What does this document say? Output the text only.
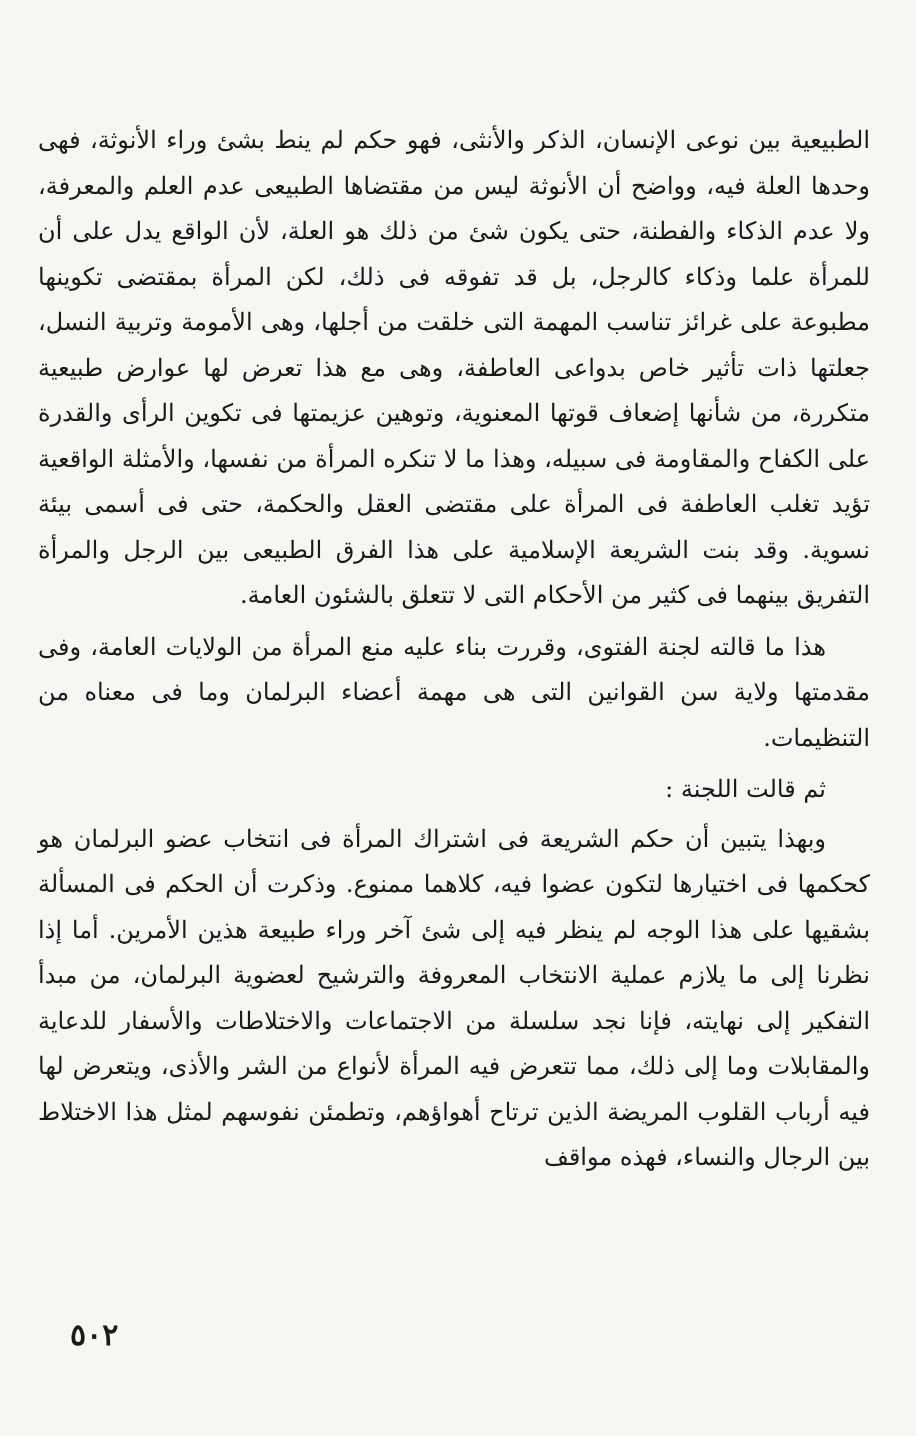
الطبيعية بين نوعى الإنسان، الذكر والأنثى، فهو حكم لم ينط بشئ وراء الأنوثة، فهى وحدها العلة فيه، وواضح أن الأنوثة ليس من مقتضاها الطبيعى عدم العلم والمعرفة، ولا عدم الذكاء والفطنة، حتى يكون شئ من ذلك هو العلة، لأن الواقع يدل على أن للمرأة علما وذكاء كالرجل، بل قد تفوقه فى ذلك، لكن المرأة بمقتضى تكوينها مطبوعة على غرائز تناسب المهمة التى خلقت من أجلها، وهى الأمومة وتربية النسل، جعلتها ذات تأثير خاص بدواعى العاطفة، وهى مع هذا تعرض لها عوارض طبيعية متكررة، من شأنها إضعاف قوتها المعنوية، وتوهين عزيمتها فى تكوين الرأى والقدرة على الكفاح والمقاومة فى سبيله، وهذا ما لا تنكره المرأة من نفسها، والأمثلة الواقعية تؤيد تغلب العاطفة فى المرأة على مقتضى العقل والحكمة، حتى فى أسمى بيئة نسوية. وقد بنت الشريعة الإسلامية على هذا الفرق الطبيعى بين الرجل والمرأة التفريق بينهما فى كثير من الأحكام التى لا تتعلق بالشئون العامة.

هذا ما قالته لجنة الفتوى، وقررت بناء عليه منع المرأة من الولايات العامة، وفى مقدمتها ولاية سن القوانين التى هى مهمة أعضاء البرلمان وما فى معناه من التنظيمات.

ثم قالت اللجنة :

وبهذا يتبين أن حكم الشريعة فى اشتراك المرأة فى انتخاب عضو البرلمان هو كحكمها فى اختيارها لتكون عضوا فيه، كلاهما ممنوع. وذكرت أن الحكم فى المسألة بشقيها على هذا الوجه لم ينظر فيه إلى شئ آخر وراء طبيعة هذين الأمرين. أما إذا نظرنا إلى ما يلازم عملية الانتخاب المعروفة والترشيح لعضوية البرلمان، من مبدأ التفكير إلى نهايته، فإنا نجد سلسلة من الاجتماعات والاختلاطات والأسفار للدعاية والمقابلات وما إلى ذلك، مما تتعرض فيه المرأة لأنواع من الشر والأذى، ويتعرض لها فيه أرباب القلوب المريضة الذين ترتاح أهواؤهم، وتطمئن نفوسهم لمثل هذا الاختلاط بين الرجال والنساء، فهذه مواقف

٥٠٢
